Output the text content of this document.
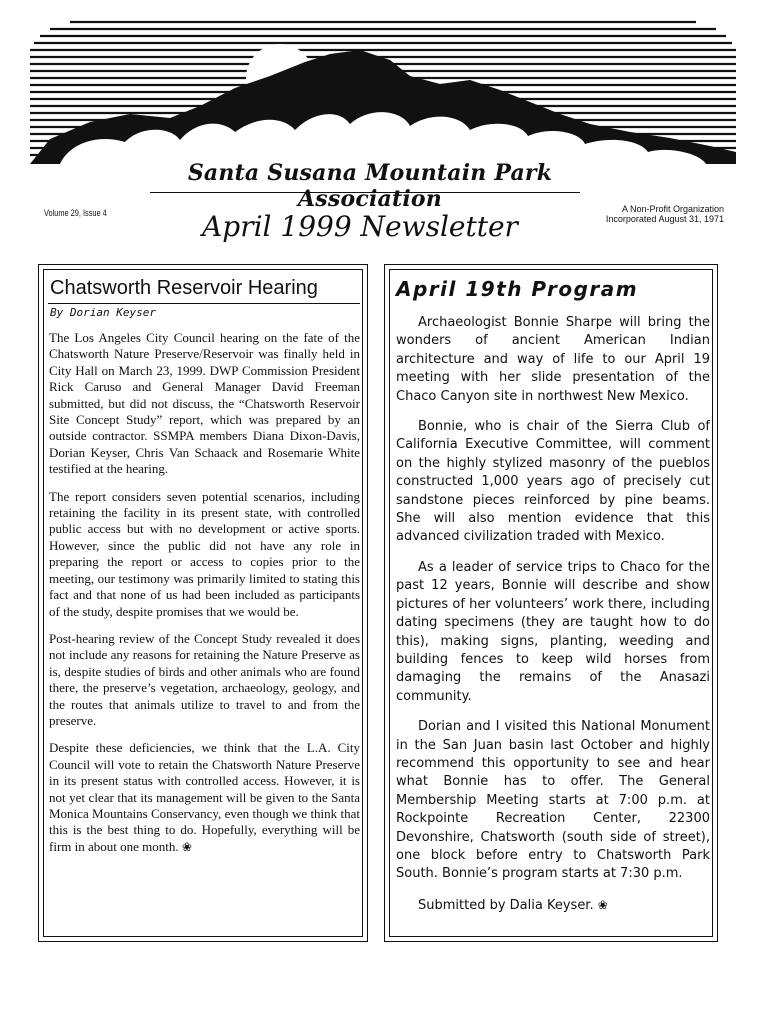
Santa Susana Mountain Park Association
Volume 29, Issue 4	A Non-Profit Organization
Incorporated August 31, 1971
April 1999 Newsletter
Chatsworth Reservoir Hearing
By Dorian Keyser

The Los Angeles City Council hearing on the fate of the Chatsworth Nature Preserve/Reservoir was finally held in City Hall on March 23, 1999. DWP Commission President Rick Caruso and General Manager David Freeman submitted, but did not discuss, the “Chatsworth Reservoir Site Concept Study” report, which was prepared by an outside contractor. SSMPA members Diana Dixon-Davis, Dorian Keyser, Chris Van Schaack and Rosemarie White testified at the hearing.

The report considers seven potential scenarios, including retaining the facility in its present state, with controlled public access but with no development or active sports. However, since the public did not have any role in preparing the report or access to copies prior to the meeting, our testimony was primarily limited to stating this fact and that none of us had been included as participants of the study, despite promises that we would be.

Post-hearing review of the Concept Study revealed it does not include any reasons for retaining the Nature Preserve as is, despite studies of birds and other animals who are found there, the preserve’s vegetation, archaeology, geology, and the routes that animals utilize to travel to and from the preserve.

Despite these deficiencies, we think that the L.A. City Council will vote to retain the Chatsworth Nature Preserve in its present status with controlled access. However, it is not yet clear that its management will be given to the Santa Monica Mountains Conservancy, even though we think that this is the best thing to do. Hopefully, everything will be firm in about one month. ❀

April 19th Program

Archaeologist Bonnie Sharpe will bring the wonders of ancient American Indian architecture and way of life to our April 19 meeting with her slide presentation of the Chaco Canyon site in northwest New Mexico.

Bonnie, who is chair of the Sierra Club of California Executive Committee, will comment on the highly stylized masonry of the pueblos constructed 1,000 years ago of precisely cut sandstone pieces reinforced by pine beams. She will also mention evidence that this advanced civilization traded with Mexico.

As a leader of service trips to Chaco for the past 12 years, Bonnie will describe and show pictures of her volunteers’ work there, including dating specimens (they are taught how to do this), making signs, planting, weeding and building fences to keep wild horses from damaging the remains of the Anasazi community.

Dorian and I visited this National Monument in the San Juan basin last October and highly recommend this opportunity to see and hear what Bonnie has to offer. The General Membership Meeting starts at 7:00 p.m. at Rockpointe Recreation Center, 22300 Devonshire, Chatsworth (south side of street), one block before entry to Chatsworth Park South. Bonnie’s program starts at 7:30 p.m.

Submitted by Dalia Keyser. ❀
